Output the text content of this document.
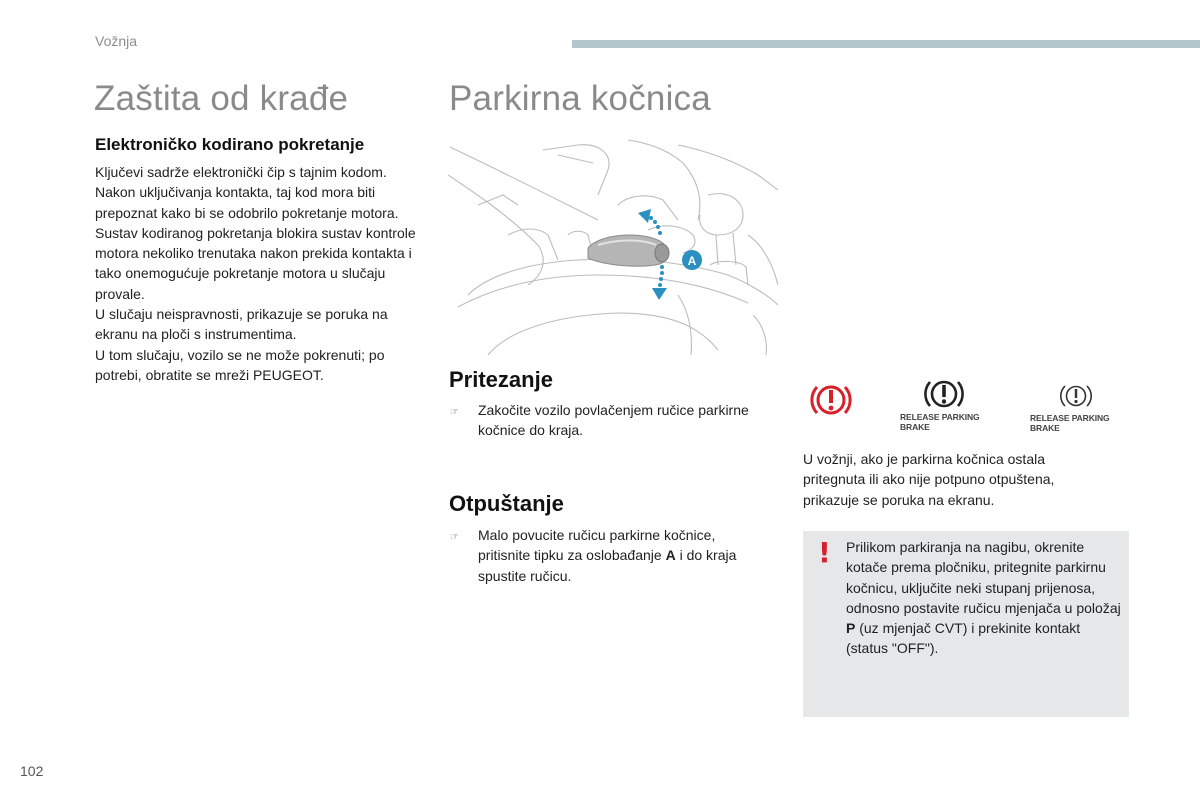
Vožnja
Zaštita od krađe
Elektroničko kodirano pokretanje

Ključevi sadrže elektronički čip s tajnim kodom. Nakon uključivanja kontakta, taj kod mora biti prepoznat kako bi se odobrilo pokretanje motora.

Sustav kodiranog pokretanja blokira sustav kontrole motora nekoliko trenutaka nakon prekida kontakta i tako onemogućuje pokretanje motora u slučaju provale.

U slučaju neispravnosti, prikazuje se poruka na ekranu na ploči s instrumentima.

U tom slučaju, vozilo se ne može pokrenuti; po potrebi, obratite se mreži PEUGEOT.

Parkirna kočnica
A
Pritezanje
☞ Zakočite vozilo povlačenjem ručice parkirne kočnice do kraja.
Otpuštanje
☞ Malo povucite ručicu parkirne kočnice, pritisnite tipku za oslobađanje A i do kraja spustite ručicu.
RELEASE PARKING BRAKE
RELEASE PARKING BRAKE
U vožnji, ako je parkirna kočnica ostala pritegnuta ili ako nije potpuno otpuštena, prikazuje se poruka na ekranu.
! Prilikom parkiranja na nagibu, okrenite kotače prema pločniku, pritegnite parkirnu kočnicu, uključite neki stupanj prijenosa, odnosno postavite ručicu mjenjača u položaj P (uz mjenjač CVT) i prekinite kontakt (status "OFF").
102
